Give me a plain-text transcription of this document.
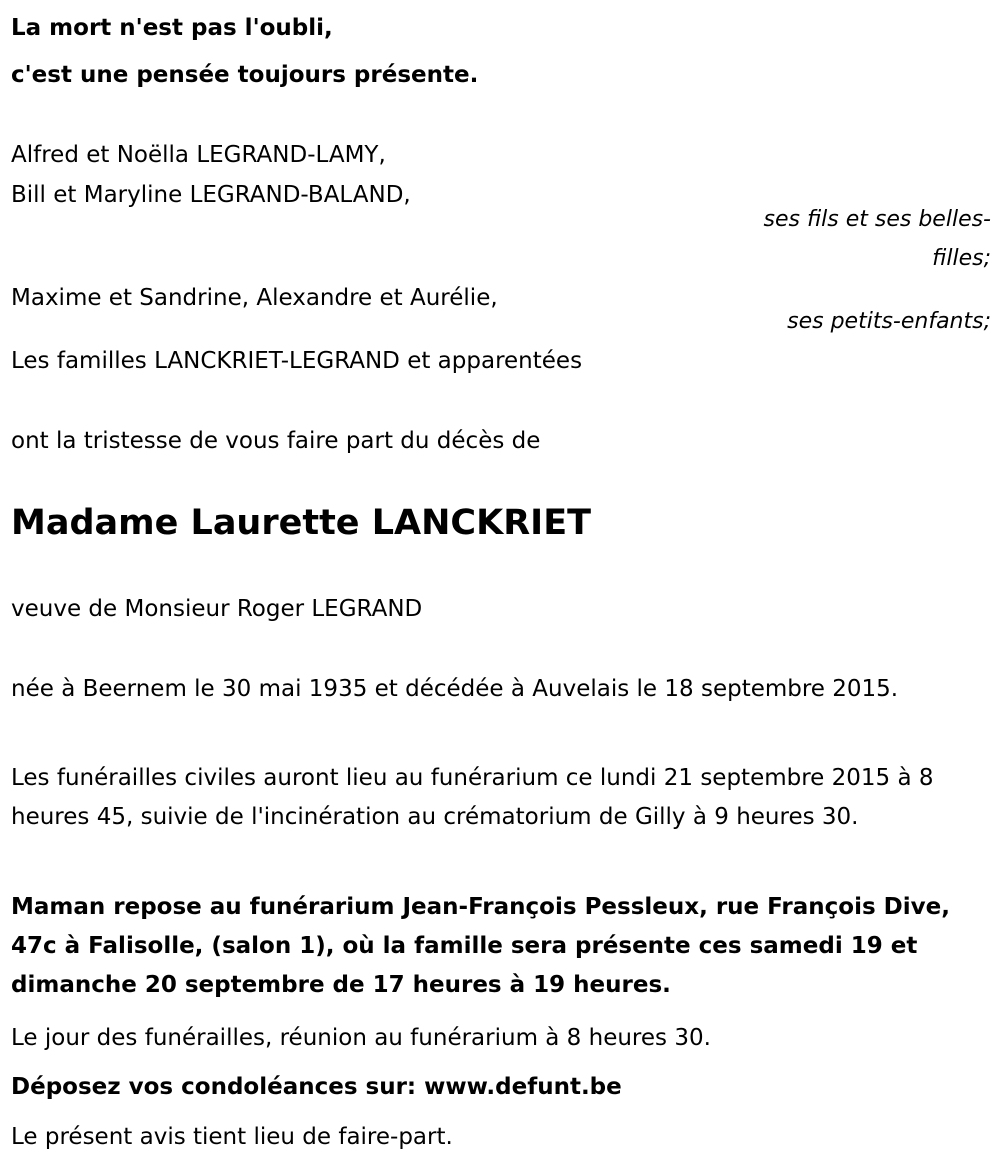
La mort n'est pas l'oubli,
c'est une pensée toujours présente.
Alfred et Noëlla LEGRAND-LAMY,
Bill et Maryline LEGRAND-BALAND,
ses fils et ses belles-
filles;
Maxime et Sandrine, Alexandre et Aurélie,
ses petits-enfants;
Les familles LANCKRIET-LEGRAND et apparentées
ont la tristesse de vous faire part du décès de
Madame Laurette LANCKRIET
veuve de Monsieur Roger LEGRAND
née à Beernem le 30 mai 1935 et décédée à Auvelais le 18 septembre 2015.
Les funérailles civiles auront lieu au funérarium ce lundi 21 septembre 2015 à 8 heures 45, suivie de l'incinération au crématorium de Gilly à 9 heures 30.
Maman repose au funérarium Jean-François Pessleux, rue François Dive, 47c à Falisolle, (salon 1), où la famille sera présente ces samedi 19 et dimanche 20 septembre de 17 heures à 19 heures.
Le jour des funérailles, réunion au funérarium à 8 heures 30.
Déposez vos condoléances sur: www.defunt.be
Le présent avis tient lieu de faire-part.
